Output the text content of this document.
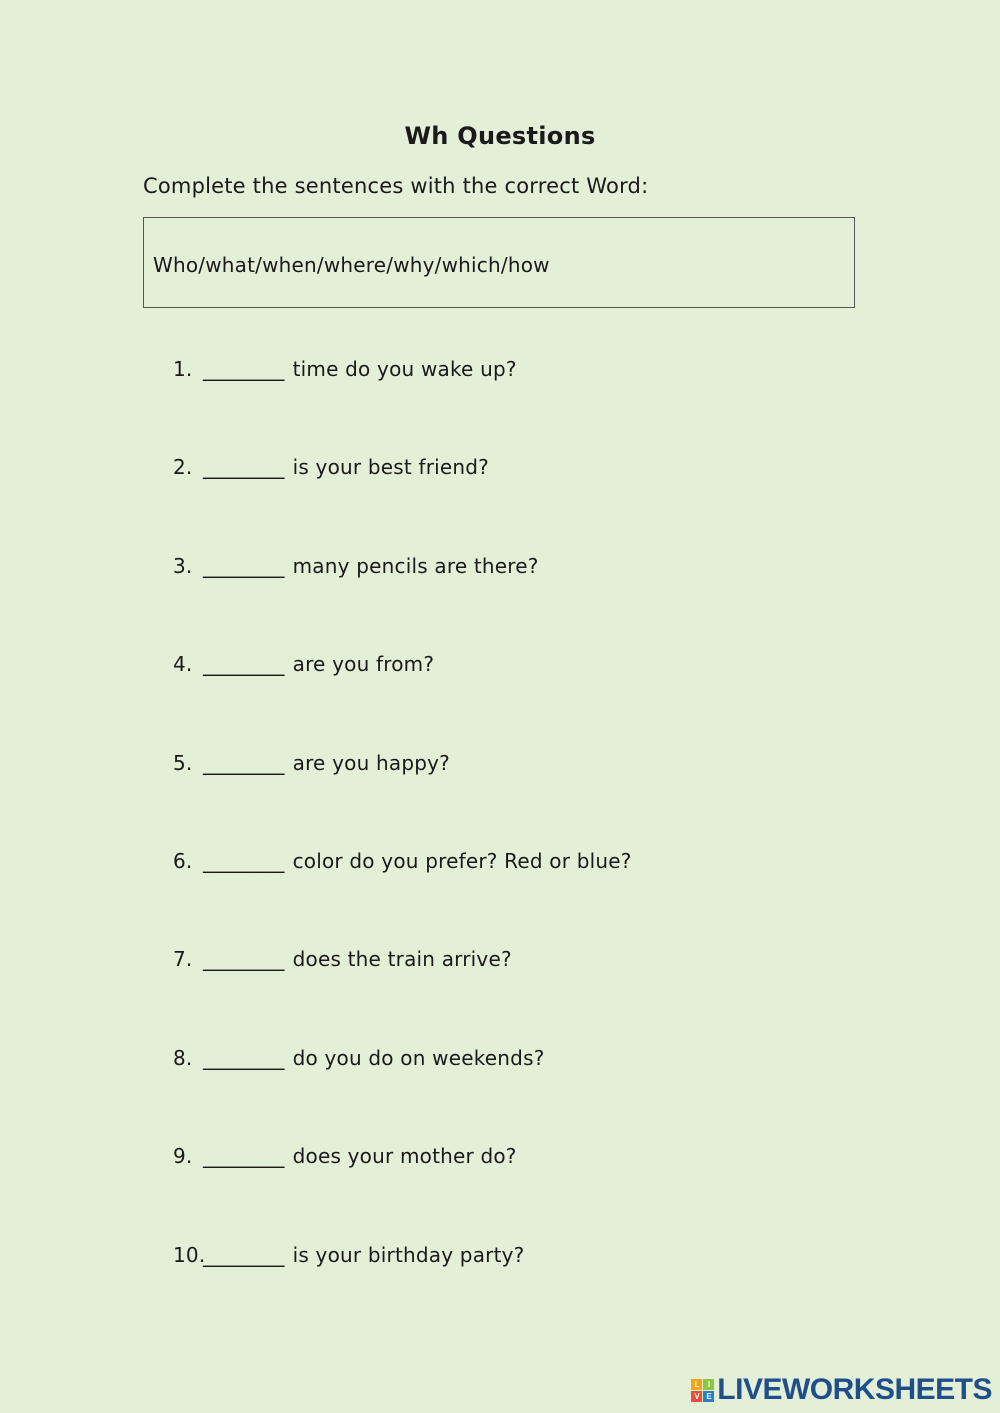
Wh Questions
Complete the sentences with the correct Word:
Who/what/when/where/why/which/how
1. ________ time do you wake up?
2. ________ is your best friend?
3. ________ many pencils are there?
4. ________ are you from?
5. ________ are you happy?
6. ________ color do you prefer? Red or blue?
7. ________ does the train arrive?
8. ________ do you do on weekends?
9. ________ does your mother do?
10.
________ is your birthday party?
L	I
V E LIVEWORKSHEETS
